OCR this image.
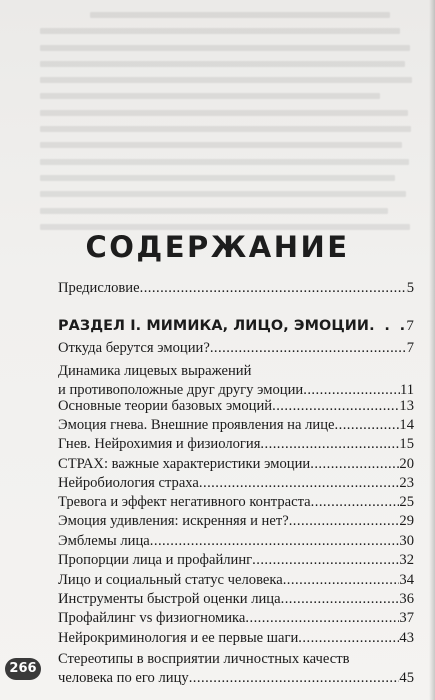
СОДЕРЖАНИЕ
Предисловие . . .	5
РАЗДЕЛ I. МИМИКА, ЛИЦО, ЭМОЦИИ . . . 7
Откуда берутся эмоции? . . .	7
Динамика лицевых выражений
и противоположные друг другу эмоции . . .	11
Основные теории базовых эмоций . . .	13
Эмоция гнева. Внешние проявления на лице . . .	14
Гнев. Нейрохимия и физиология . . .	15
СТРАХ: важные характеристики эмоции . . .	20
Нейробиология страха . . .	23
Тревога и эффект негативного контраста . . .	25
Эмоция удивления: искренняя и нет? . . .	29
Эмблемы лица . . .	30
Пропорции лица и профайлинг . . .	32
Лицо и социальный статус человека . . .	34
Инструменты быстрой оценки лица . . .	36
Профайлинг vs физиогномика . . .	37
Нейрокриминология и ее первые шаги . . .	43
Стереотипы в восприятии личностных качеств
человека по его лицу . . .	45
266
